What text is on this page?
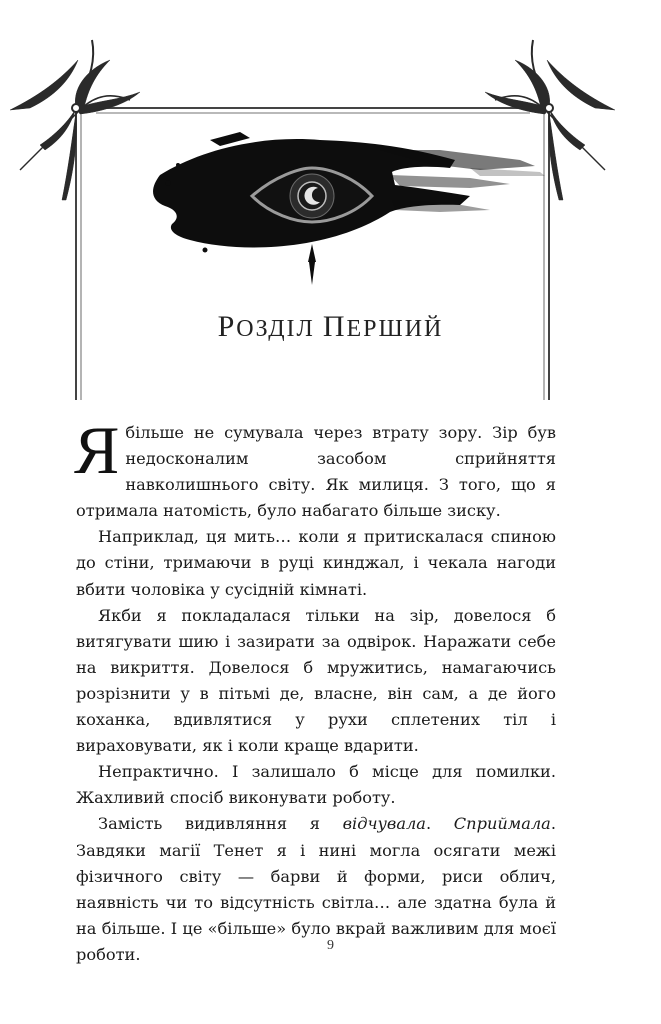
РОЗДІЛ ПЕРШИЙ

Ябільше не сумувала через втрату зору. Зір був недосконалим засобом сприйняття навколишнього світу. Як милиця. З того, що я отримала натомість, було набагато більше зиску.

Наприклад, ця мить… коли я притискалася спиною до стіни, тримаючи в руці кинджал, і чекала нагоди вбити чоловіка у сусідній кімнаті.

Якби я покладалася тільки на зір, довелося б витягувати шию і зазирати за одвірок. Наражати себе на викриття. Довелося б мружитись, намагаючись розрізнити у в пітьмі де, власне, він сам, а де його коханка, вдивлятися у рухи сплетених тіл і вираховувати, як і коли краще вдарити.

Непрактично. І залишало б місце для помилки. Жахливий спосіб виконувати роботу.

Замість видивляння я відчувала. Сприймала. Завдяки магії Тенет я і нині могла осягати межі фізичного світу — барви й форми, риси облич, наявність чи то відсутність світла… але здатна була й на більше. І це «більше» було вкрай важливим для моєї роботи.	9
